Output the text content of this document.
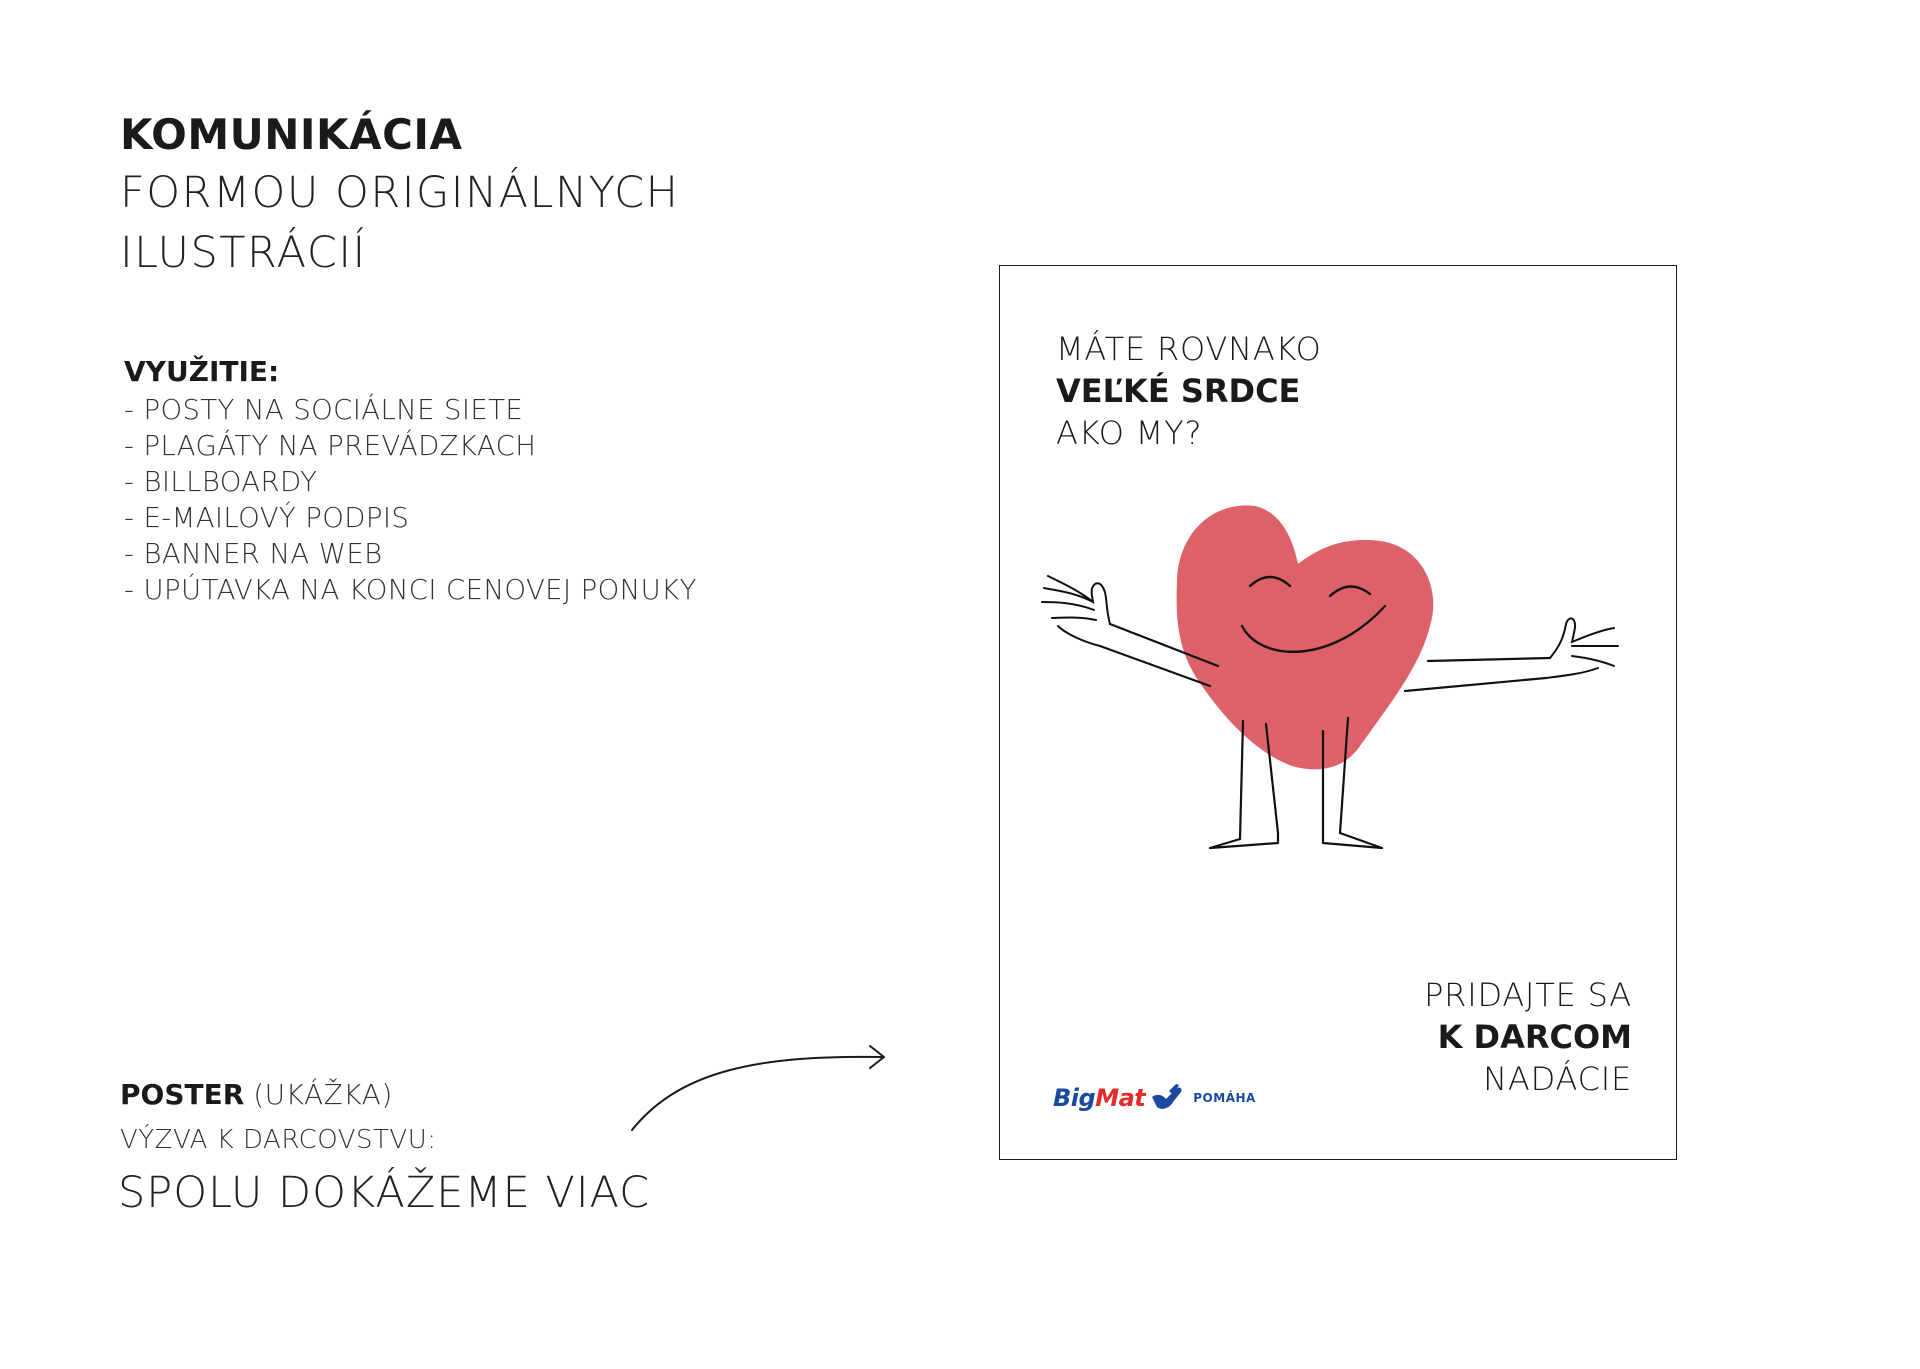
KOMUNIKÁCIA
FORMOU ORIGINÁLNYCH
ILUSTRÁCIÍ
VYUŽITIE:
- POSTY NA SOCIÁLNE SIETE
- PLAGÁTY NA PREVÁDZKACH
- BILLBOARDY
- E-MAILOVÝ PODPIS
- BANNER NA WEB
- UPÚTAVKA NA KONCI CENOVEJ PONUKY
POSTER (UKÁŽKA)
VÝZVA K DARCOVSTVU:
SPOLU DOKÁŽEME VIAC
MÁTE ROVNAKO
VEĽKÉ SRDCE
AKO MY?
PRIDAJTE SA
K DARCOM
NADÁCIE
BigMat	POMÁHA
